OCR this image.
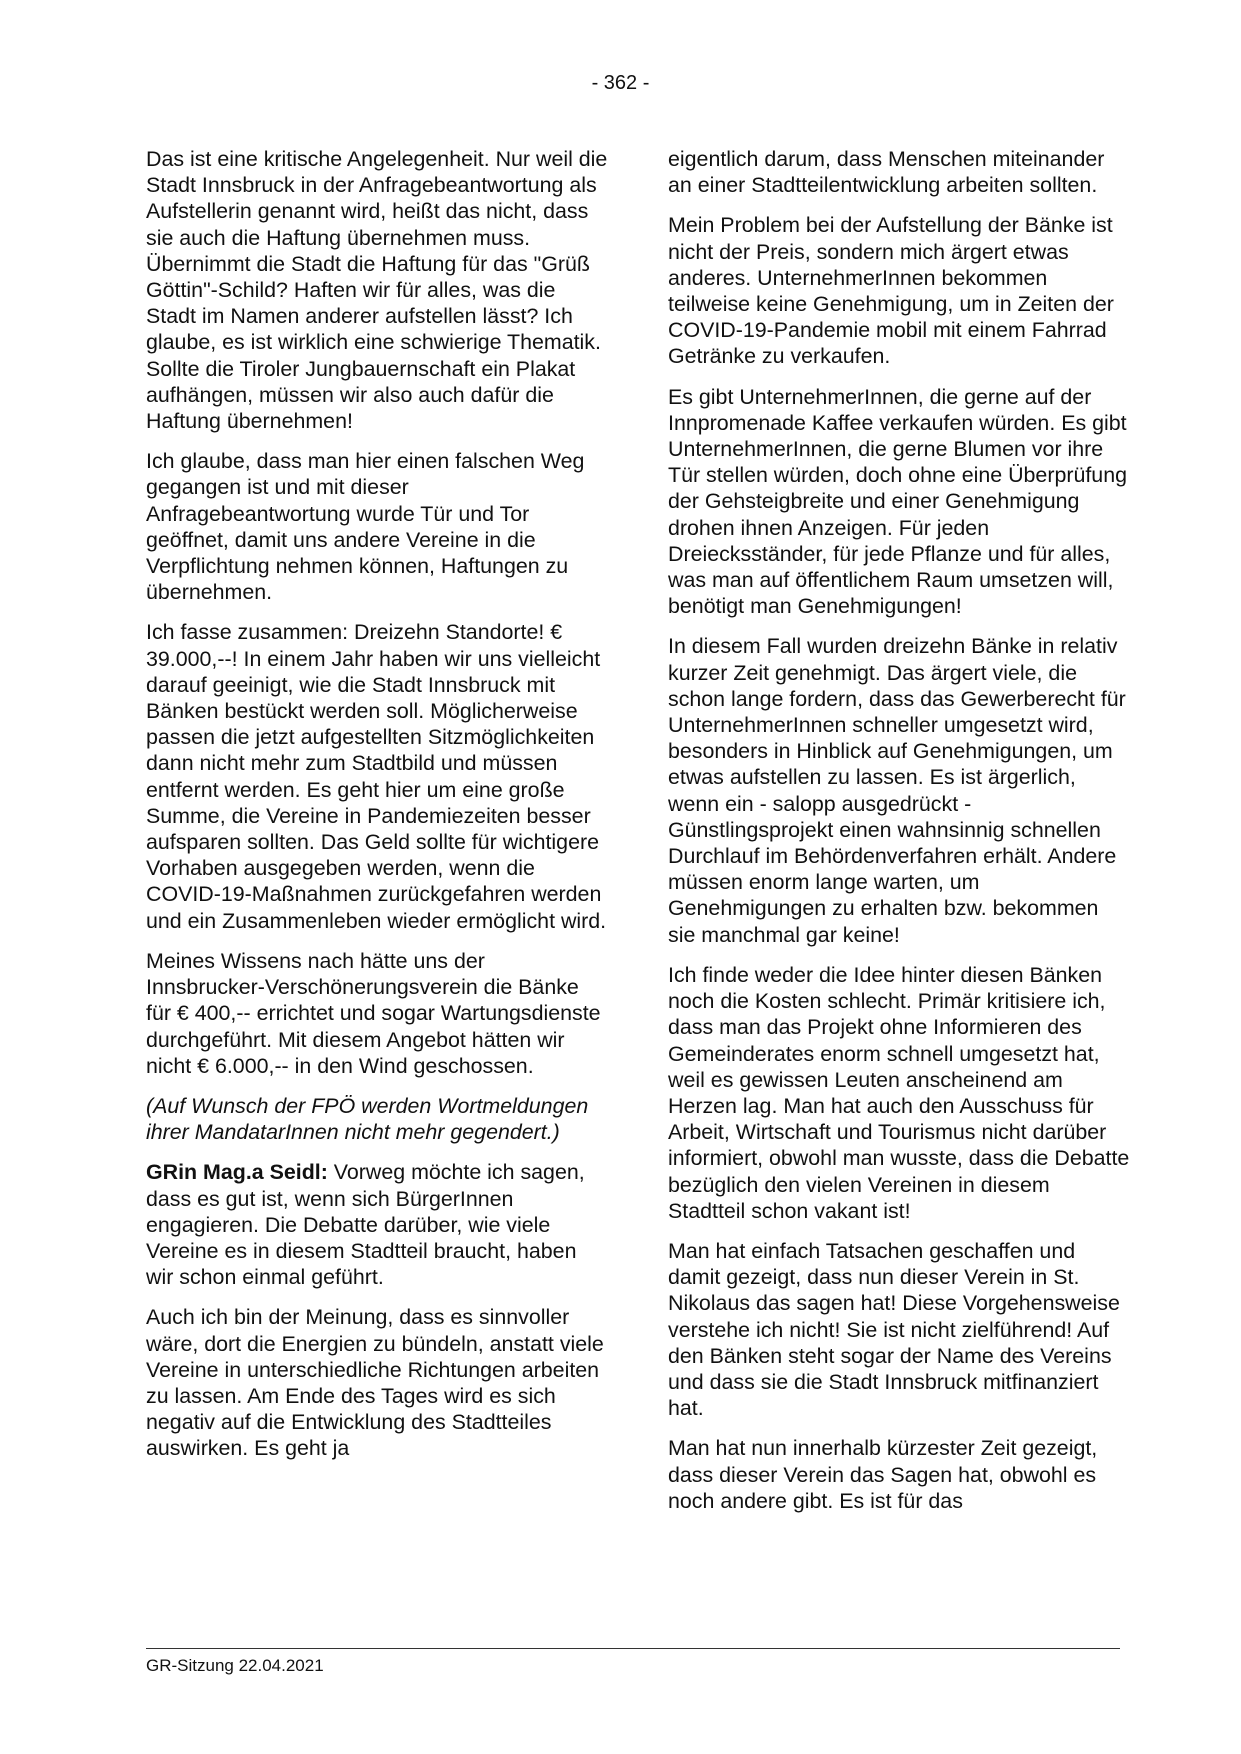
- 362 -

Das ist eine kritische Angelegenheit. Nur weil die Stadt Innsbruck in der Anfragebeantwortung als Aufstellerin genannt wird, heißt das nicht, dass sie auch die Haftung übernehmen muss. Übernimmt die Stadt die Haftung für das "Grüß Göttin"-Schild? Haften wir für alles, was die Stadt im Namen anderer aufstellen lässt? Ich glaube, es ist wirklich eine schwierige Thematik. Sollte die Tiroler Jungbauernschaft ein Plakat aufhängen, müssen wir also auch dafür die Haftung übernehmen!

Ich glaube, dass man hier einen falschen Weg gegangen ist und mit dieser Anfragebeantwortung wurde Tür und Tor geöffnet, damit uns andere Vereine in die Verpflichtung nehmen können, Haftungen zu übernehmen.

Ich fasse zusammen: Dreizehn Standorte! € 39.000,--! In einem Jahr haben wir uns vielleicht darauf geeinigt, wie die Stadt Innsbruck mit Bänken bestückt werden soll. Möglicherweise passen die jetzt aufgestellten Sitzmöglichkeiten dann nicht mehr zum Stadtbild und müssen entfernt werden. Es geht hier um eine große Summe, die Vereine in Pandemiezeiten besser aufsparen sollten. Das Geld sollte für wichtigere Vorhaben ausgegeben werden, wenn die COVID-19-Maßnahmen zurückgefahren werden und ein Zusammenleben wieder ermöglicht wird.

Meines Wissens nach hätte uns der Innsbrucker-Verschönerungsverein die Bänke für € 400,-- errichtet und sogar Wartungsdienste durchgeführt. Mit diesem Angebot hätten wir nicht € 6.000,-- in den Wind geschossen.

(Auf Wunsch der FPÖ werden Wortmeldungen ihrer MandatarInnen nicht mehr gegendert.)

GRin Mag.a Seidl: Vorweg möchte ich sagen, dass es gut ist, wenn sich BürgerInnen engagieren. Die Debatte darüber, wie viele Vereine es in diesem Stadtteil braucht, haben wir schon einmal geführt.

Auch ich bin der Meinung, dass es sinnvoller wäre, dort die Energien zu bündeln, anstatt viele Vereine in unterschiedliche Richtungen arbeiten zu lassen. Am Ende des Tages wird es sich negativ auf die Entwicklung des Stadtteiles auswirken. Es geht ja

eigentlich darum, dass Menschen miteinander an einer Stadtteilentwicklung arbeiten sollten.

Mein Problem bei der Aufstellung der Bänke ist nicht der Preis, sondern mich ärgert etwas anderes. UnternehmerInnen bekommen teilweise keine Genehmigung, um in Zeiten der COVID-19-Pandemie mobil mit einem Fahrrad Getränke zu verkaufen.

Es gibt UnternehmerInnen, die gerne auf der Innpromenade Kaffee verkaufen würden. Es gibt UnternehmerInnen, die gerne Blumen vor ihre Tür stellen würden, doch ohne eine Überprüfung der Gehsteigbreite und einer Genehmigung drohen ihnen Anzeigen. Für jeden Dreiecksständer, für jede Pflanze und für alles, was man auf öffentlichem Raum umsetzen will, benötigt man Genehmigungen!

In diesem Fall wurden dreizehn Bänke in relativ kurzer Zeit genehmigt. Das ärgert viele, die schon lange fordern, dass das Gewerberecht für UnternehmerInnen schneller umgesetzt wird, besonders in Hinblick auf Genehmigungen, um etwas aufstellen zu lassen. Es ist ärgerlich, wenn ein - salopp ausgedrückt - Günstlingsprojekt einen wahnsinnig schnellen Durchlauf im Behördenverfahren erhält. Andere müssen enorm lange warten, um Genehmigungen zu erhalten bzw. bekommen sie manchmal gar keine!

Ich finde weder die Idee hinter diesen Bänken noch die Kosten schlecht. Primär kritisiere ich, dass man das Projekt ohne Informieren des Gemeinderates enorm schnell umgesetzt hat, weil es gewissen Leuten anscheinend am Herzen lag. Man hat auch den Ausschuss für Arbeit, Wirtschaft und Tourismus nicht darüber informiert, obwohl man wusste, dass die Debatte bezüglich den vielen Vereinen in diesem Stadtteil schon vakant ist!

Man hat einfach Tatsachen geschaffen und damit gezeigt, dass nun dieser Verein in St. Nikolaus das sagen hat! Diese Vorgehensweise verstehe ich nicht! Sie ist nicht zielführend! Auf den Bänken steht sogar der Name des Vereins und dass sie die Stadt Innsbruck mitfinanziert hat.

Man hat nun innerhalb kürzester Zeit gezeigt, dass dieser Verein das Sagen hat, obwohl es noch andere gibt. Es ist für das

GR-Sitzung 22.04.2021
